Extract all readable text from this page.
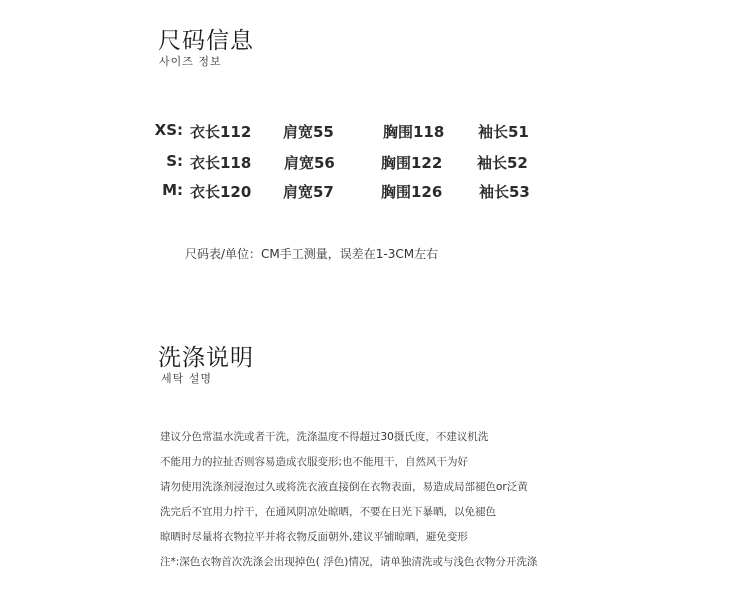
尺码信息
사이즈 정보
XS: 衣长112 肩宽55	胸围118 袖长51
S: 衣长118 肩宽56	胸围122 袖长52
M: 衣长120 肩宽57	胸围126 袖长53
尺码表/单位：CM手工测量，误差在1-3CM左右
洗涤说明
세탁 설명
建议分色常温水洗或者干洗，洗涤温度不得超过30摄氏度，不建议机洗
不能用力的拉扯否则容易造成衣服变形;也不能甩干，自然风干为好
请勿使用洗涤剂浸泡过久或将洗衣液直接倒在衣物表面，易造成局部褪色or泛黄
洗完后不宜用力拧干，在通风阴凉处晾晒，不要在日光下暴晒，以免褪色
晾晒时尽量将衣物拉平并将衣物反面朝外,建议平铺晾晒，避免变形
注*:深色衣物首次洗涤会出现掉色( 浮色)情况，请单独清洗或与浅色衣物分开洗涤
